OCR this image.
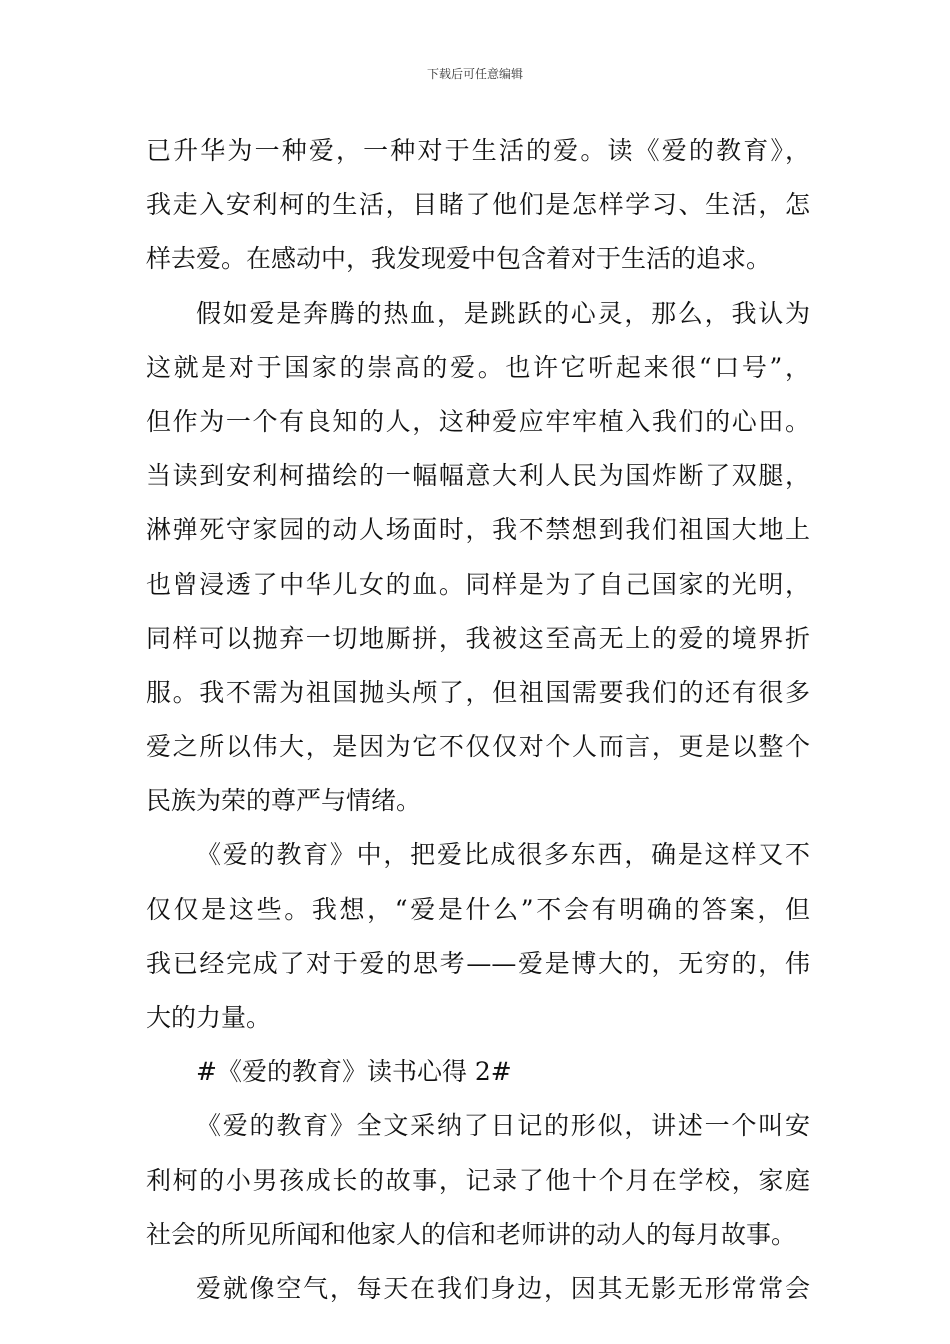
下载后可任意编辑
已升华为一种爱，一种对于生活的爱。读《爱的教育》，
我走入安利柯的生活，目睹了他们是怎样学习、生活，怎
样去爱。在感动中，我发现爱中包含着对于生活的追求。
假如爱是奔腾的热血，是跳跃的心灵，那么，我认为
这就是对于国家的崇高的爱。也许它听起来很“口号”，
但作为一个有良知的人，这种爱应牢牢植入我们的心田。
当读到安利柯描绘的一幅幅意大利人民为国炸断了双腿，
淋弹死守家园的动人场面时，我不禁想到我们祖国大地上
也曾浸透了中华儿女的血。同样是为了自己国家的光明，
同样可以抛弃一切地厮拼，我被这至高无上的爱的境界折
服。我不需为祖国抛头颅了，但祖国需要我们的还有很多
爱之所以伟大，是因为它不仅仅对个人而言，更是以整个
民族为荣的尊严与情绪。
《爱的教育》中，把爱比成很多东西，确是这样又不
仅仅是这些。我想，“爱是什么”不会有明确的答案，但
我已经完成了对于爱的思考——爱是博大的，无穷的，伟
大的力量。
#《爱的教育》读书心得 2#
《爱的教育》全文采纳了日记的形似，讲述一个叫安
利柯的小男孩成长的故事，记录了他十个月在学校，家庭
社会的所见所闻和他家人的信和老师讲的动人的每月故事。
爱就像空气，每天在我们身边，因其无影无形常常会
